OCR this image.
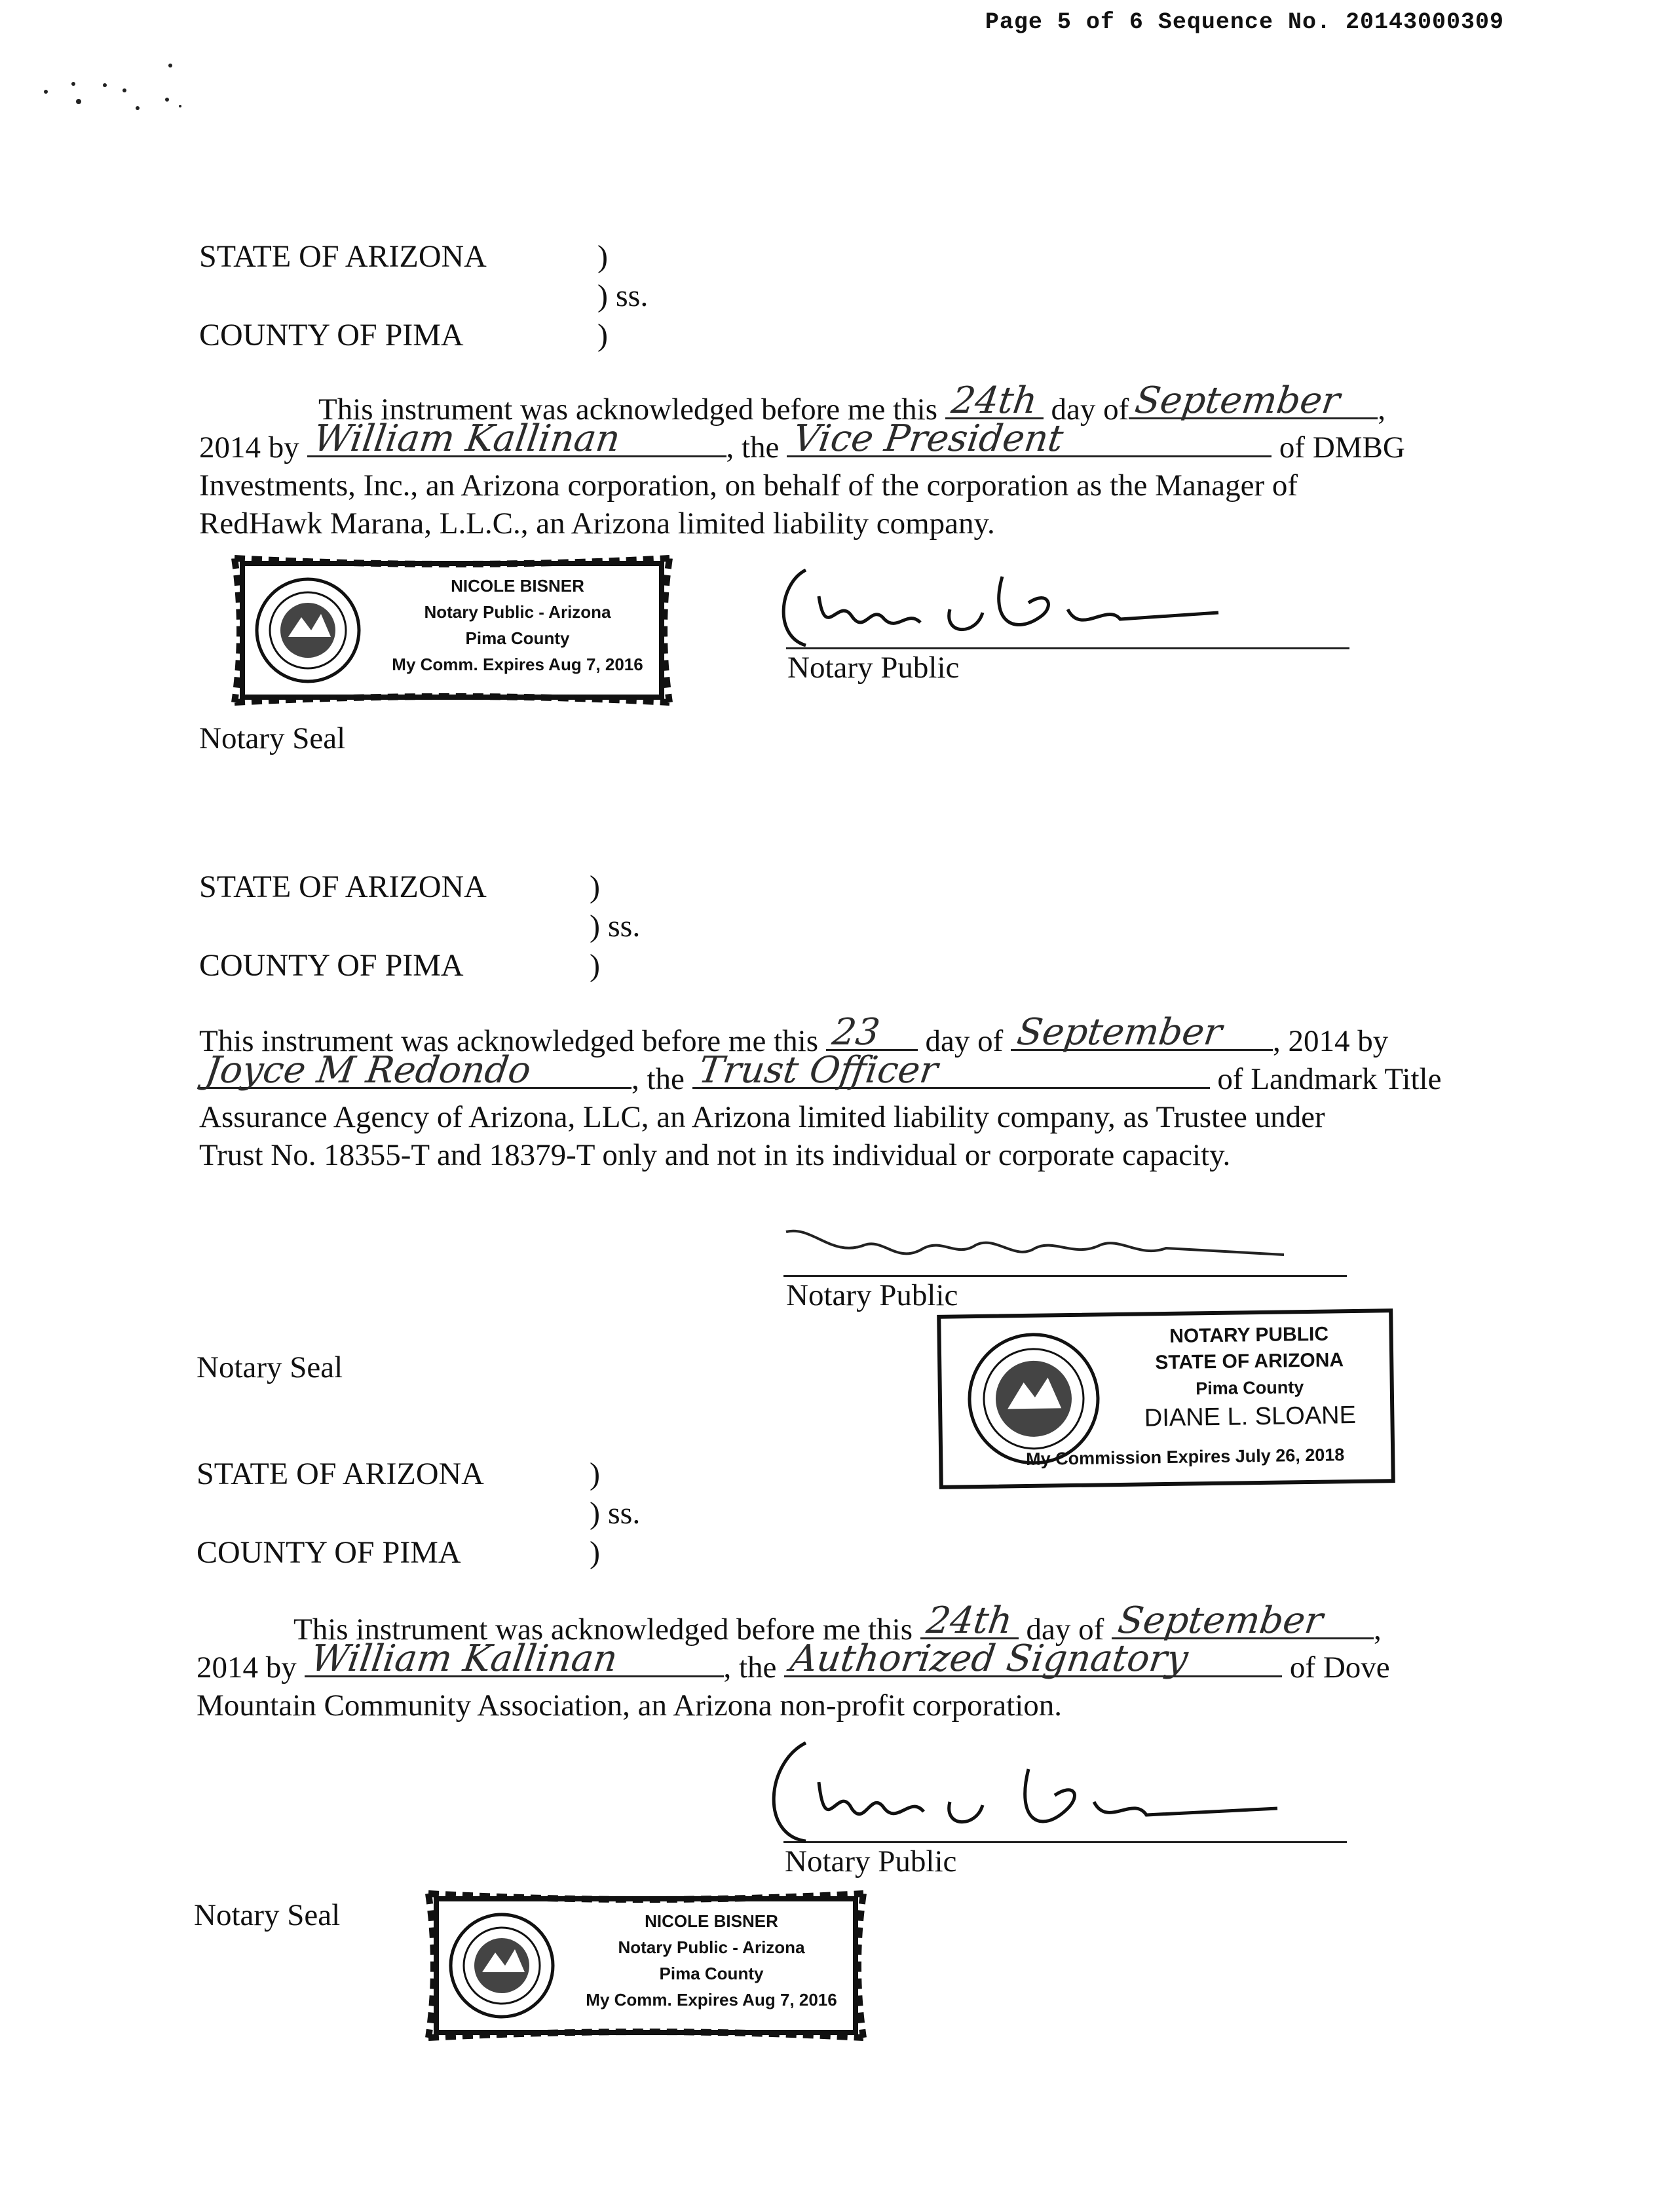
Page 5 of 6 Sequence No. 20143000309
STATE OF ARIZONA	)
) ss.
COUNTY OF PIMA	)
This instrument was acknowledged before me this 24th day of September ,
2014 by William Kallinan	, the Vice President	of DMBG
Investments, Inc., an Arizona corporation, on behalf of the corporation as the Manager of
RedHawk Marana, L.L.C., an Arizona limited liability company.
NICOLE BISNER
Notary Public - Arizona
Pima County
My Comm. Expires Aug 7, 2016	Notary Public
Notary Seal
STATE OF ARIZONA	)
) ss.
COUNTY OF PIMA	)
This instrument was acknowledged before me this 23 day of September , 2014 by
Joyce M Redondo	, the Trust Officer	of Landmark Title
Assurance Agency of Arizona, LLC, an Arizona limited liability company, as Trustee under
Trust No. 18355-T and 18379-T only and not in its individual or corporate capacity.
Notary Public
Notary Seal
NOTARY PUBLIC
STATE OF ARIZONA
Pima County
DIANE L. SLOANE
My Commission Expires July 26, 2018
STATE OF ARIZONA	)
) ss.
COUNTY OF PIMA	)
This instrument was acknowledged before me this 24th day of September ,
2014 by William Kallinan	, the Authorized Signatory	of Dove
Mountain Community Association, an Arizona non-profit corporation.
Notary Public
Notary Seal	NICOLE BISNER
Notary Public - Arizona
Pima County
My Comm. Expires Aug 7, 2016
